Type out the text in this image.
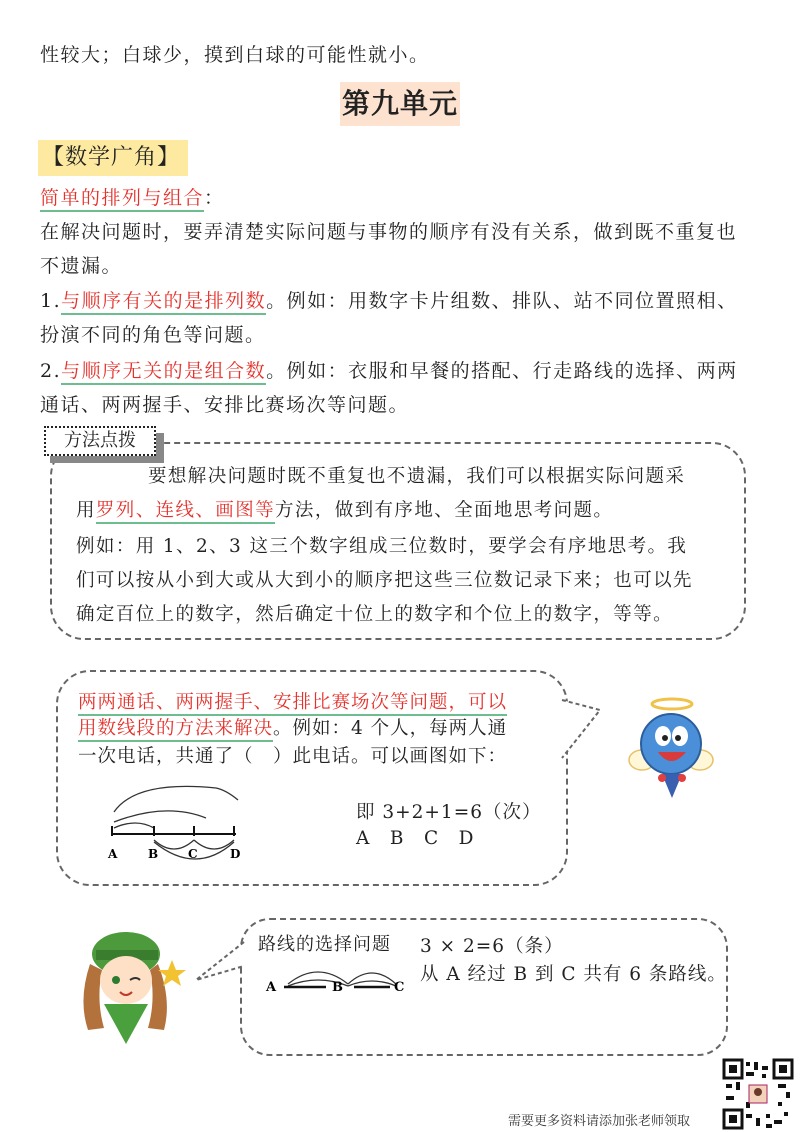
性较大；白球少，摸到白球的可能性就小。
第九单元
【数学广角】
简单的排列与组合：
在解决问题时，要弄清楚实际问题与事物的顺序有没有关系，做到既不重复也
不遗漏。
1.与顺序有关的是排列数。例如：用数字卡片组数、排队、站不同位置照相、
扮演不同的角色等问题。
2.与顺序无关的是组合数。例如：衣服和早餐的搭配、行走路线的选择、两两
通话、两两握手、安排比赛场次等问题。
方法点拨
要想解决问题时既不重复也不遗漏，我们可以根据实际问题采
用罗列、连线、画图等方法，做到有序地、全面地思考问题。
例如：用 1、2、3 这三个数字组成三位数时，要学会有序地思考。我
们可以按从小到大或从大到小的顺序把这些三位数记录下来；也可以先
确定百位上的数字，然后确定十位上的数字和个位上的数字，等等。
两两通话、两两握手、安排比赛场次等问题，可以
用数线段的方法来解决。例如：4 个人，每两人通
一次电话，共通了（　）此电话。可以画图如下：
即 3+2+1=6（次）
A　B　C　D
A	B C	D
路线的选择问题 3 × 2=6（条）
从 A 经过 B 到 C 共有 6 条路线。
A	B	C
需要更多资料请添加张老师领取
